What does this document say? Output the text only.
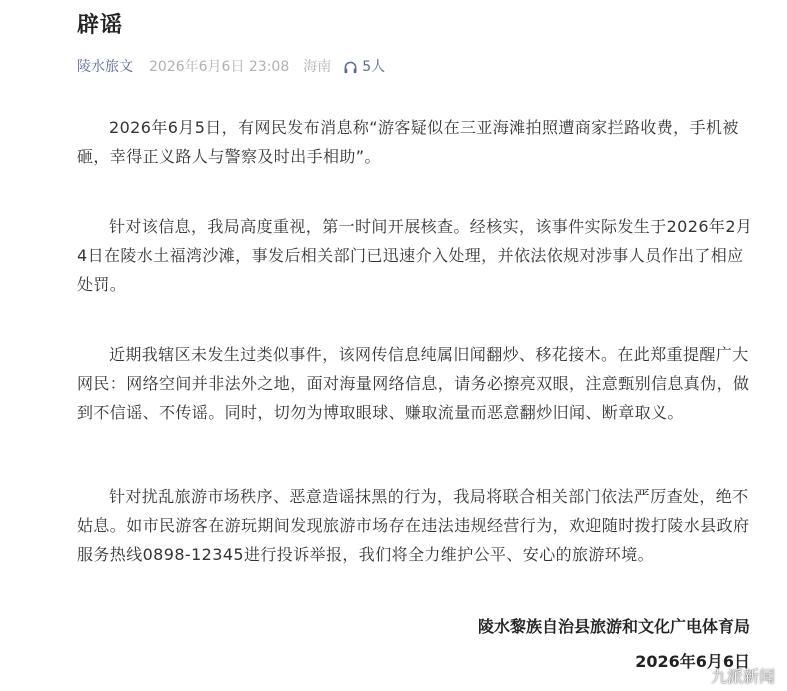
辟谣
陵水旅文 2026年6月6日 23:08 海南 5人

2026年6月5日，有网民发布消息称“游客疑似在三亚海滩拍照遭商家拦路收费，手机被砸，幸得正义路人与警察及时出手相助”。

针对该信息，我局高度重视，第一时间开展核查。经核实，该事件实际发生于2026年2月4日在陵水土福湾沙滩，事发后相关部门已迅速介入处理，并依法依规对涉事人员作出了相应处罚。

近期我辖区未发生过类似事件，该网传信息纯属旧闻翻炒、移花接木。在此郑重提醒广大网民：网络空间并非法外之地，面对海量网络信息，请务必擦亮双眼，注意甄别信息真伪，做到不信谣、不传谣。同时，切勿为博取眼球、赚取流量而恶意翻炒旧闻、断章取义。

针对扰乱旅游市场秩序、恶意造谣抹黑的行为，我局将联合相关部门依法严厉查处，绝不姑息。如市民游客在游玩期间发现旅游市场存在违法违规经营行为，欢迎随时拨打陵水县政府服务热线0898-12345进行投诉举报，我们将全力维护公平、安心的旅游环境。

陵水黎族自治县旅游和文化广电体育局
2026年6月6日
九派新闻
